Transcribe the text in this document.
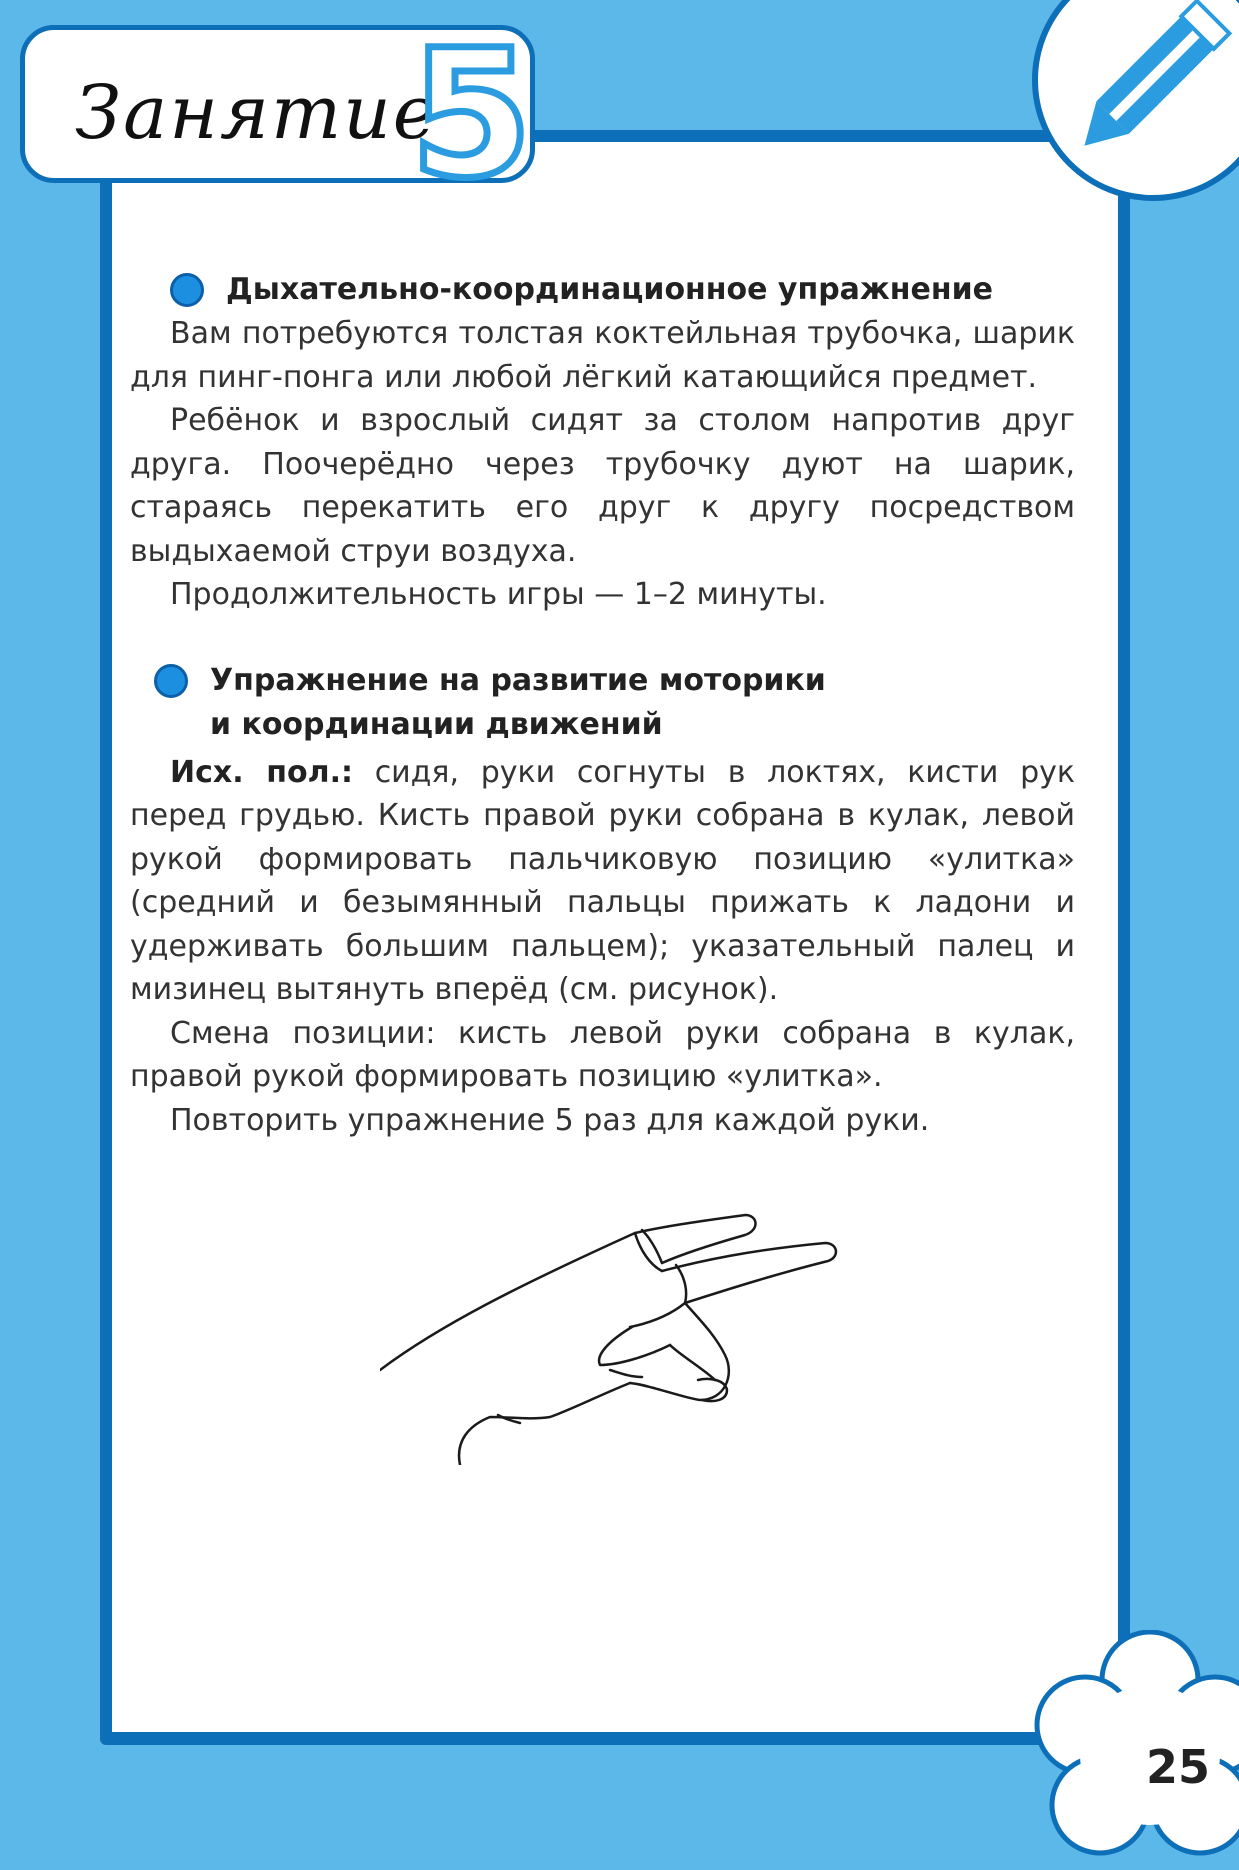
Занятие
5
25
Дыхательно-координационное упражнение

Вам потребуются толстая коктейльная трубочка, шарик для пинг-понга или любой лёгкий катающийся предмет.

Ребёнок и взрослый сидят за столом напротив друг друга. Поочерёдно через трубочку дуют на шарик, стараясь перекатить его друг к другу посредством выдыхаемой струи воздуха.

Продолжительность игры — 1–2 минуты.

Упражнение на развитие моторики
и координации движений

Исх. пол.: сидя, руки согнуты в локтях, кисти рук перед грудью. Кисть правой руки собрана в кулак, левой рукой формировать пальчиковую позицию «улитка» (средний и безымянный пальцы прижать к ладони и удерживать большим пальцем); указательный палец и мизинец вытянуть вперёд (см. рисунок).

Смена позиции: кисть левой руки собрана в кулак, правой рукой формировать позицию «улитка».

Повторить упражнение 5 раз для каждой руки.
